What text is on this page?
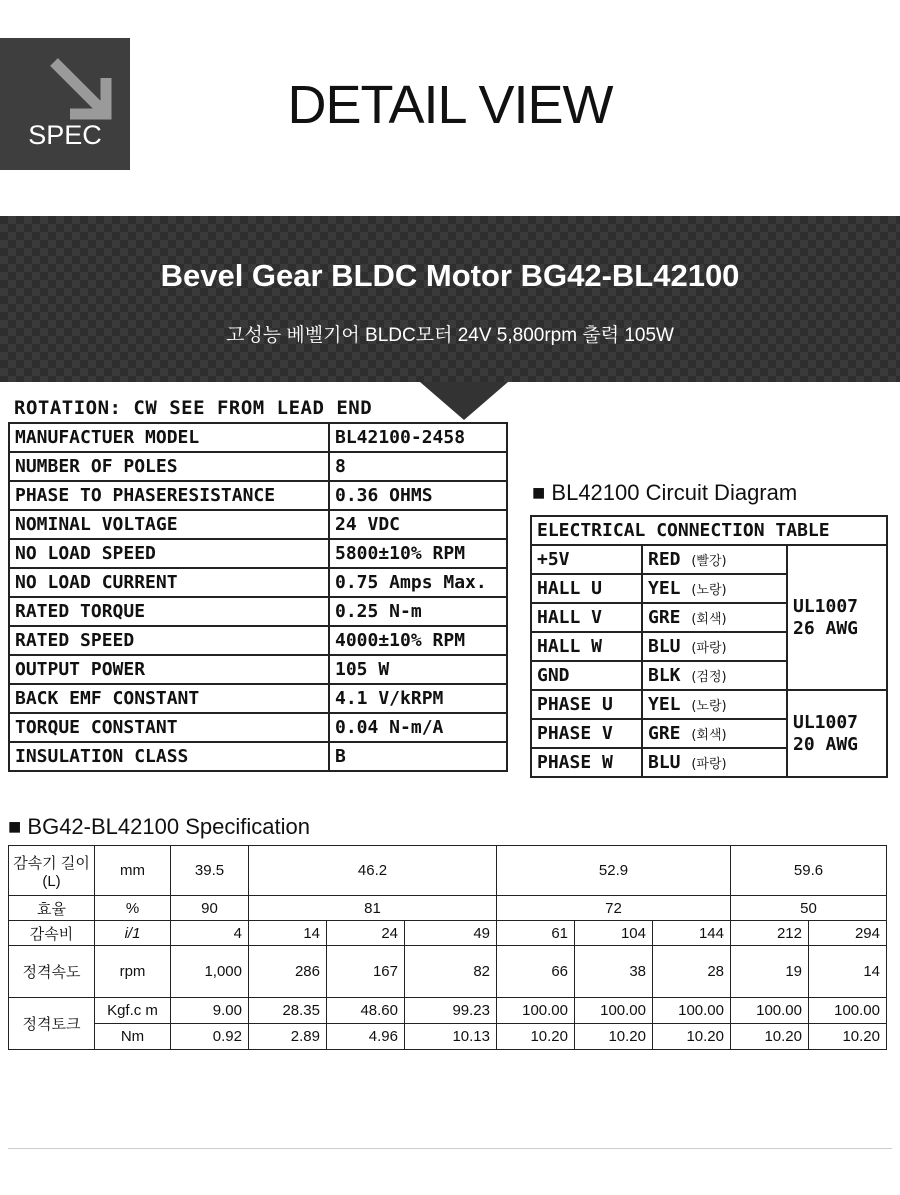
SPEC	DETAIL VIEW
Bevel Gear BLDC Motor BG42-BL42100
고성능 베벨기어 BLDC모터 24V 5,800rpm 출력 105W
ROTATION: CW SEE FROM LEAD END
MANUFACTUER MODEL	BL42100-2458
NUMBER OF POLES	8
PHASE TO PHASERESISTANCE	0.36 OHMS
NOMINAL VOLTAGE	24 VDC
NO LOAD SPEED	5800±10% RPM
NO LOAD CURRENT	0.75 Amps Max.
RATED TORQUE	0.25 N-m
RATED SPEED	4000±10% RPM
OUTPUT POWER	105 W
BACK EMF CONSTANT	4.1 V/kRPM
TORQUE CONSTANT	0.04 N-m/A
INSULATION CLASS	B
■ BL42100 Circuit Diagram
ELECTRICAL CONNECTION TABLE		
+5V	RED (빨강)	UL1007
26 AWG

HALL U	YEL (노랑)	
HALL V	GRE (회색)	
HALL W	BLU (파랑)	
GND	BLK (검정)	
PHASE U	YEL (노랑)	UL1007
20 AWG

PHASE V	GRE (회색)	
PHASE W	BLU (파랑)	
■ BG42-BL42100 Specification
감속기 길이(L)	mm	39.5	46.2			52.9			59.6	
효율	%	90	81			72			50	
감속비	i/1	4	14	24	49	61	104	144	212	294
정격속도	rpm	1,000	286	167	82	66	38	28	19	14
정격토크	Kgf.c m	9.00	28.35	48.60	99.23	100.00	100.00	100.00	100.00	100.00
	Nm	0.92	2.89	4.96	10.13	10.20	10.20	10.20	10.20	10.20
